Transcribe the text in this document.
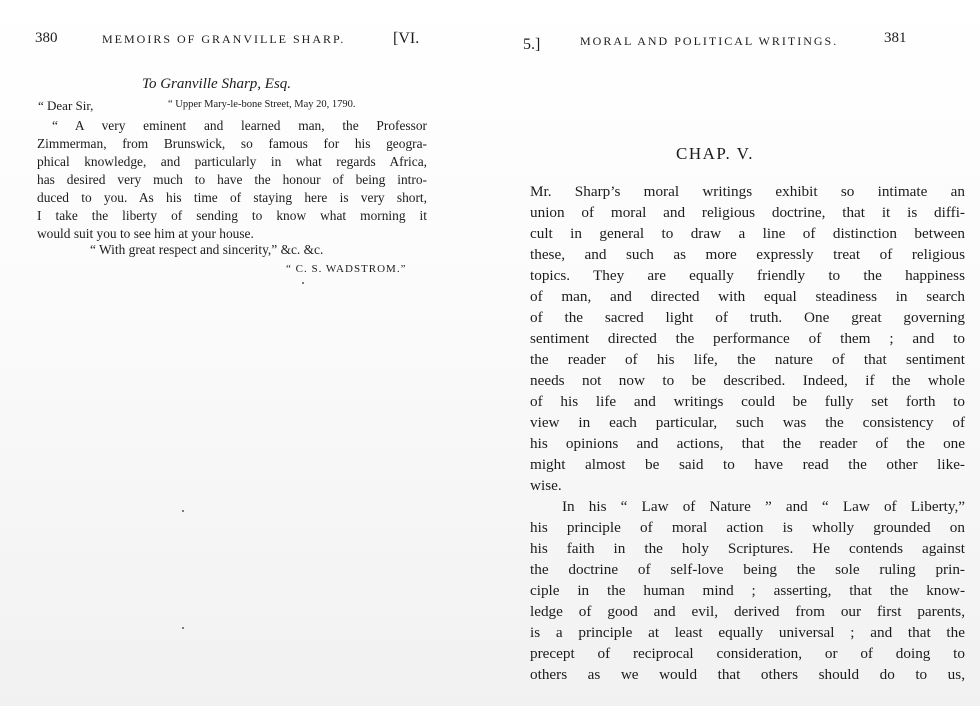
380	MEMOIRS OF GRANVILLE SHARP.	[VI.
To Granville Sharp, Esq.
“ Dear Sir,	“ Upper Mary-le-bone Street, May 20, 1790.
“ A very eminent and learned man, the Professor
Zimmerman, from Brunswick, so famous for his geogra-
phical knowledge, and particularly in what regards Africa,
has desired very much to have the honour of being intro-
duced to you. As his time of staying here is very short,
I take the liberty of sending to know what morning it
would suit you to see him at your house.
“ With great respect and sincerity,” &c. &c.
“ C. S. WADSTROM.”
5.]	MORAL AND POLITICAL WRITINGS.	381
CHAP. V.
Mr. Sharp’s moral writings exhibit so intimate an
union of moral and religious doctrine, that it is diffi-
cult in general to draw a line of distinction between
these, and such as more expressly treat of religious
topics. They are equally friendly to the happiness
of man, and directed with equal steadiness in search
of the sacred light of truth. One great governing
sentiment directed the performance of them ; and to
the reader of his life, the nature of that sentiment
needs not now to be described. Indeed, if the whole
of his life and writings could be fully set forth to
view in each particular, such was the consistency of
his opinions and actions, that the reader of the one
might almost be said to have read the other like-
wise.
In his “ Law of Nature ” and “ Law of Liberty,”
his principle of moral action is wholly grounded on
his faith in the holy Scriptures. He contends against
the doctrine of self-love being the sole ruling prin-
ciple in the human mind ; asserting, that the know-
ledge of good and evil, derived from our first parents,
is a principle at least equally universal ; and that the
precept of reciprocal consideration, or of doing to
others as we would that others should do to us,
